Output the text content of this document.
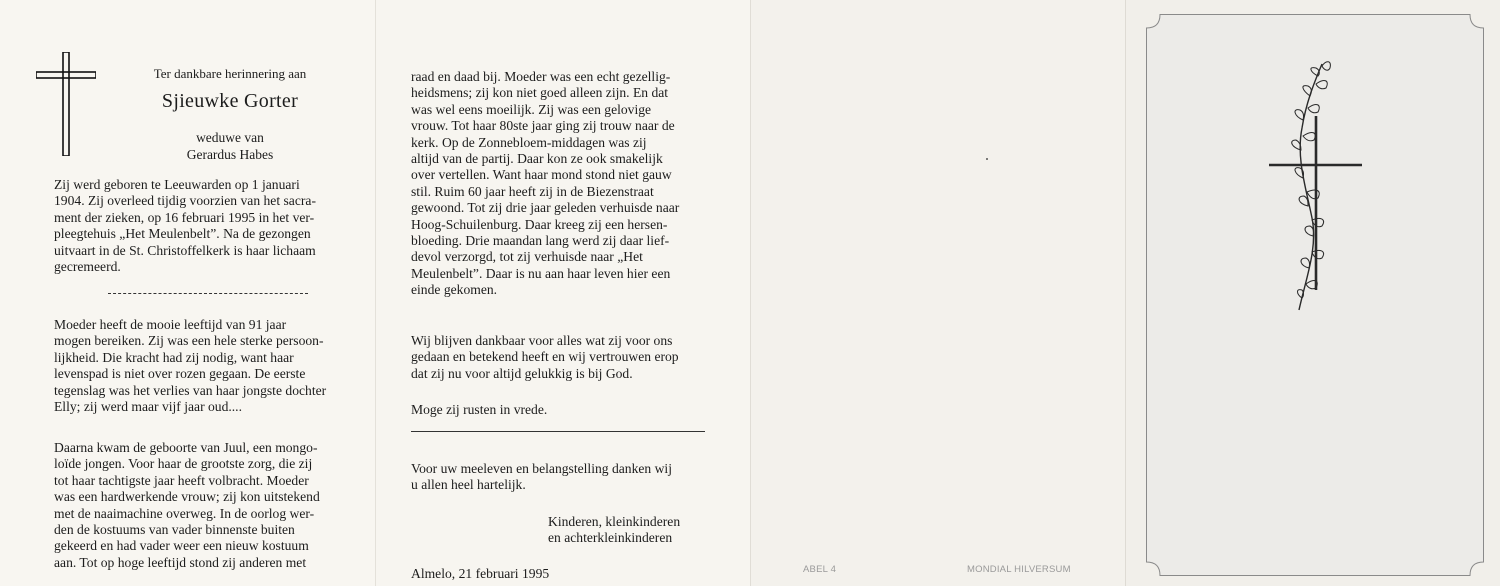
Ter dankbare herinnering aan

Sjieuwke Gorter

weduwe van

Gerardus Habes

Zij werd geboren te Leeuwarden op 1 januari
1904. Zij overleed tijdig voorzien van het sacra-
ment der zieken, op 16 februari 1995 in het ver-
pleegtehuis „Het Meulenbelt”. Na de gezongen
uitvaart in de St. Christoffelkerk is haar lichaam
gecremeerd.
Moeder heeft de mooie leeftijd van 91 jaar
mogen bereiken. Zij was een hele sterke persoon-
lijkheid. Die kracht had zij nodig, want haar
levenspad is niet over rozen gegaan. De eerste
tegenslag was het verlies van haar jongste dochter
Elly; zij werd maar vijf jaar oud....
Daarna kwam de geboorte van Juul, een mongo-
loïde jongen. Voor haar de grootste zorg, die zij
tot haar tachtigste jaar heeft volbracht. Moeder
was een hardwerkende vrouw; zij kon uitstekend
met de naaimachine overweg. In de oorlog wer-
den de kostuums van vader binnenste buiten
gekeerd en had vader weer een nieuw kostuum
aan. Tot op hoge leeftijd stond zij anderen met
raad en daad bij. Moeder was een echt gezellig-
heidsmens; zij kon niet goed alleen zijn. En dat
was wel eens moeilijk. Zij was een gelovige
vrouw. Tot haar 80ste jaar ging zij trouw naar de
kerk. Op de Zonnebloem-middagen was zij
altijd van de partij. Daar kon ze ook smakelijk
over vertellen. Want haar mond stond niet gauw
stil. Ruim 60 jaar heeft zij in de Biezenstraat
gewoond. Tot zij drie jaar geleden verhuisde naar
Hoog-Schuilenburg. Daar kreeg zij een hersen-
bloeding. Drie maandan lang werd zij daar lief-
devol verzorgd, tot zij verhuisde naar „Het
Meulenbelt”. Daar is nu aan haar leven hier een
einde gekomen.
Wij blijven dankbaar voor alles wat zij voor ons
gedaan en betekend heeft en wij vertrouwen erop
dat zij nu voor altijd gelukkig is bij God.

Moge zij rusten in vrede.

Voor uw meeleven en belangstelling danken wij
u allen heel hartelijk.
Kinderen, kleinkinderen
en achterkleinkinderen

Almelo, 21 februari 1995	ABEL 4	MONDIAL HILVERSUM
